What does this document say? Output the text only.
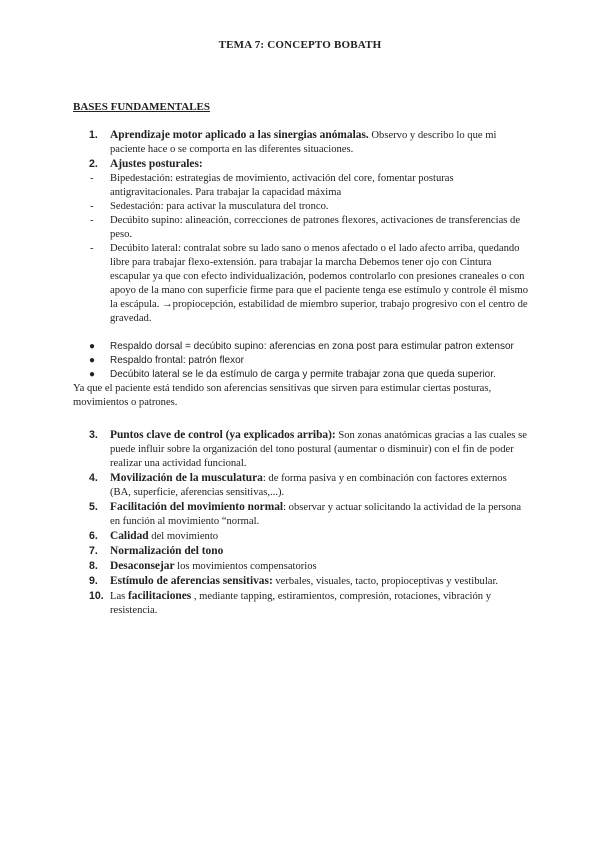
TEMA 7: CONCEPTO BOBATH
BASES FUNDAMENTALES
1. Aprendizaje motor aplicado a las sinergias anómalas. Observo y describo lo que mi paciente hace o se comporta en las diferentes situaciones.
2. Ajustes posturales:
- Bipedestación: estrategias de movimiento, activación del core, fomentar posturas antigravitacionales. Para trabajar la capacidad máxima
- Sedestación: para activar la musculatura del tronco.
- Decúbito supino: alineación, correcciones de patrones flexores, activaciones de transferencias de peso.
- Decúbito lateral: contralat sobre su lado sano o menos afectado o el lado afecto arriba, quedando libre para trabajar flexo-extensión. para trabajar la marcha Debemos tener ojo con Cintura escapular ya que con efecto individualización, podemos controlarlo con presiones craneales o con apoyo de la mano con superficie firme para que el paciente tenga ese estímulo y controle él mismo la escápula. →propiocepción, estabilidad de miembro superior, trabajo progresivo con el centro de gravedad.
● Respaldo dorsal = decúbito supino: aferencias en zona post para estimular patron extensor
● Respaldo frontal: patrón flexor
● Decúbito lateral se le da estímulo de carga y permite trabajar zona que queda superior.
Ya que el paciente está tendido son aferencias sensitivas que sirven para estimular ciertas posturas, movimientos o patrones.
3. Puntos clave de control (ya explicados arriba): Son zonas anatómicas gracias a las cuales se puede influir sobre la organización del tono postural (aumentar o disminuir) con el fin de poder realizar una actividad funcional.
4. Movilización de la musculatura: de forma pasiva y en combinación con factores externos (BA, superficie, aferencias sensitivas,...).
5. Facilitación del movimiento normal: observar y actuar solicitando la actividad de la persona en función al movimiento “normal.
6. Calidad del movimiento
7. Normalización del tono
8. Desaconsejar los movimientos compensatorios
9. Estímulo de aferencias sensitivas: verbales, visuales, tacto, propioceptivas y vestibular.
10. Las facilitaciones , mediante tapping, estiramientos, compresión, rotaciones, vibración y resistencia.
